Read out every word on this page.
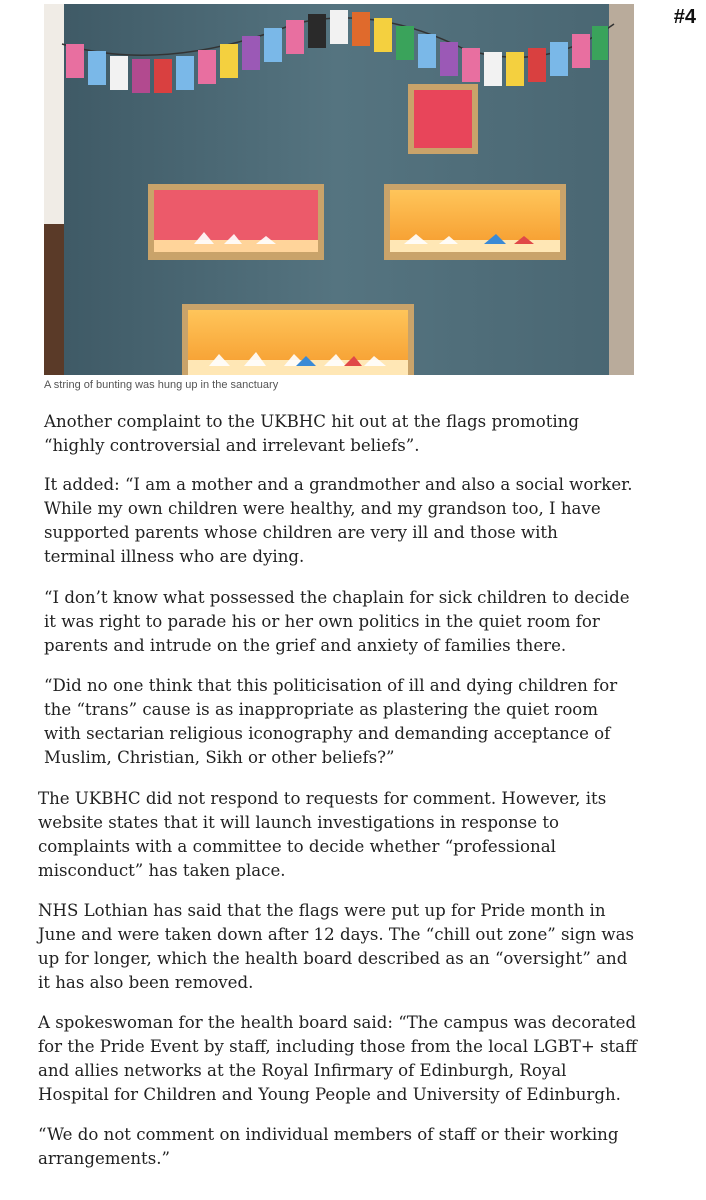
#4
A string of bunting was hung up in the sanctuary

Another complaint to the UKBHC hit out at the flags promoting “highly controversial and irrelevant beliefs”.

It added: “I am a mother and a grandmother and also a social worker. While my own children were healthy, and my grandson too, I have supported parents whose children are very ill and those with terminal illness who are dying.

“I don’t know what possessed the chaplain for sick children to decide it was right to parade his or her own politics in the quiet room for parents and intrude on the grief and anxiety of families there.

“Did no one think that this politicisation of ill and dying children for the “trans” cause is as inappropriate as plastering the quiet room with sectarian religious iconography and demanding acceptance of Muslim, Christian, Sikh or other beliefs?”

The UKBHC did not respond to requests for comment. However, its website states that it will launch investigations in response to complaints with a committee to decide whether “professional misconduct” has taken place.

NHS Lothian has said that the flags were put up for Pride month in June and were taken down after 12 days. The “chill out zone” sign was up for longer, which the health board described as an “oversight” and it has also been removed.

A spokeswoman for the health board said: “The campus was decorated for the Pride Event by staff, including those from the local LGBT+ staff and allies networks at the Royal Infirmary of Edinburgh, Royal Hospital for Children and Young People and University of Edinburgh.

“We do not comment on individual members of staff or their working arrangements.”
